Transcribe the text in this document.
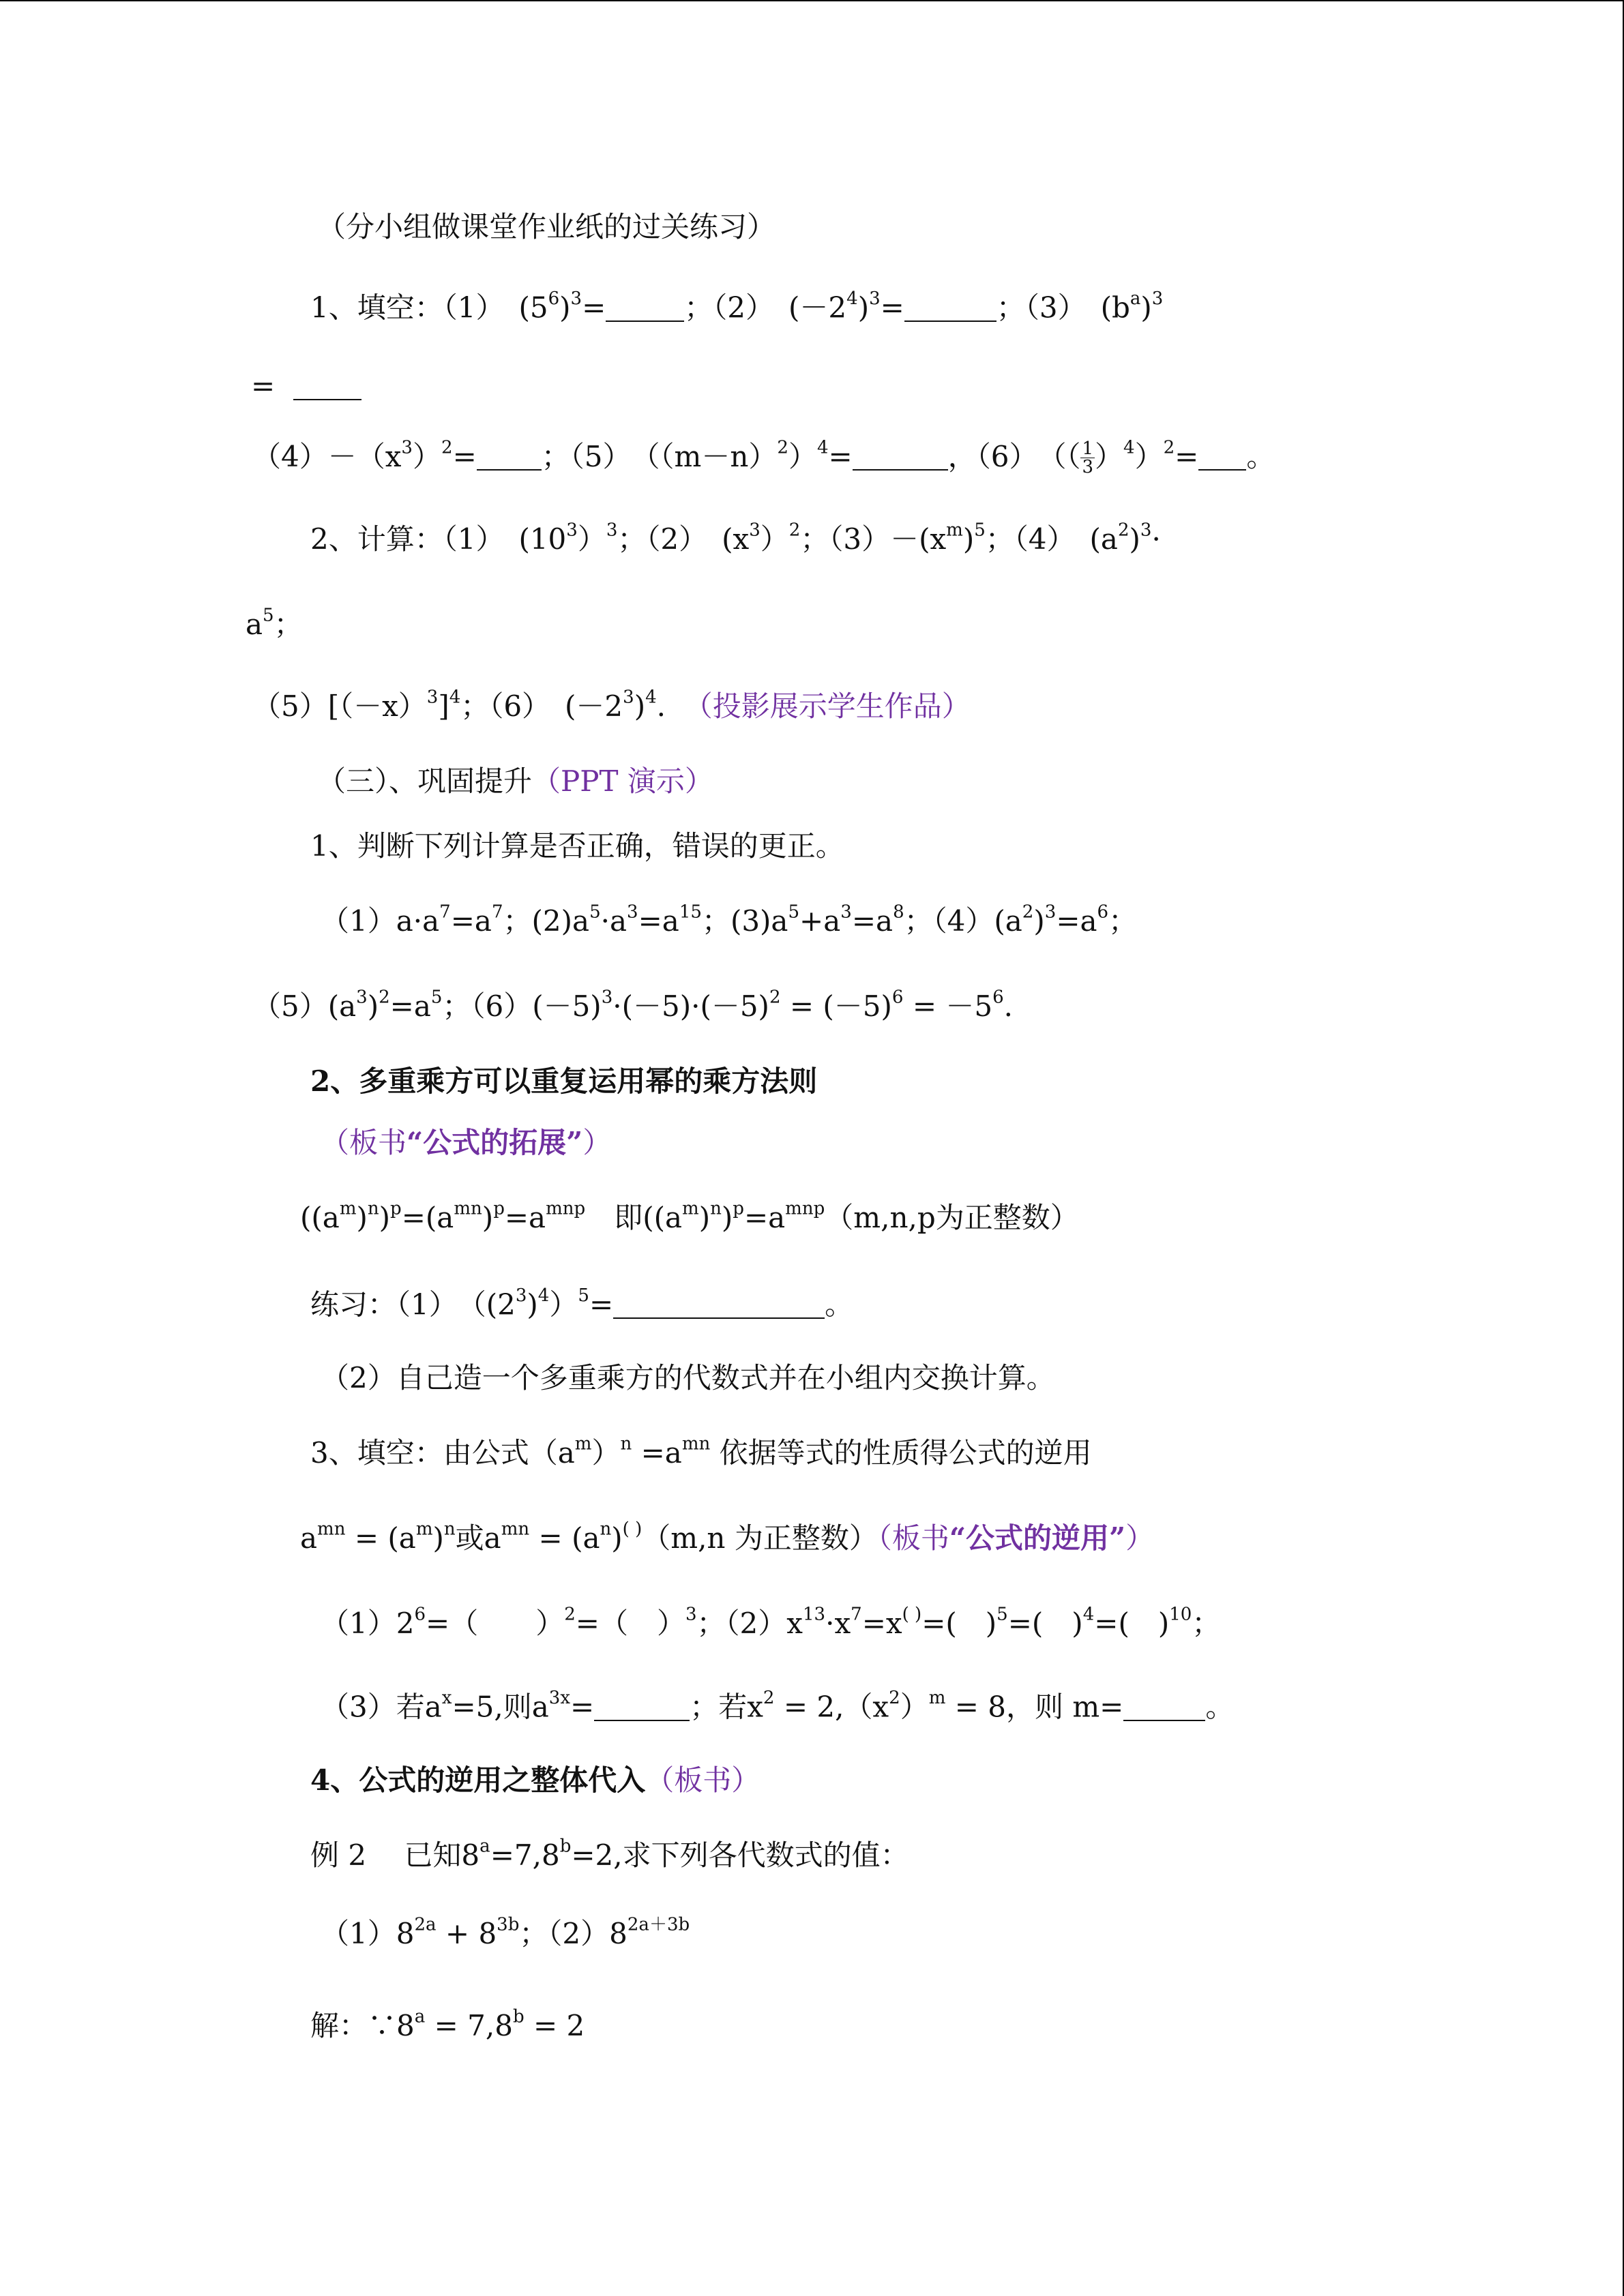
（分小组做课堂作业纸的过关练习）
1、填空：（1）　$(5^6)^3=$	；（2）　$(-2^4)^3=$	；（3）　$(b^a)^3$
=
$(4)-(x^3)^2=$ ；（5）　$((m-n)^2)^4=$	，（6）　（（ $\frac{1}{3} )^4)^2=$ 。
2、计算：（1）　$(10^3)^3$；（2）　$(x^3)^2$；$(3)-(x^m)^5$；（4）　$(a^2)^3\cdot$
$a^5$；
$(5)[(-x)^3]^4$；（6）　$(-2^3)^4$. （投影展示学生作品）
（三）、巩固提升（PPT 演示）
1、判断下列计算是否正确，错误的更正。
$(1)a\cdot a^7=a^7$；$(2)a^5\cdot a^3=a^{15}$；$(3)a^5+a^3=a^8$；$(4)(a^2)^3=a^6$；
$(5)(a^3)^2=a^5$；$(6)(-5)^3\cdot(-5)\cdot(-5)^2 = (-5)^6 = -5^6$.
2、多重乘方可以重复运用幂的乘方法则
（板书“公式的拓展”）
$((a^m)^n)^p=(a^{mn})^p=a^{mnp}$　即$((a^m)^n)^p=a^{mnp}(m,n,p$为正整数）
练习：（1）　$((2^3)^4)^5=$	。
（2）自己造一个多重乘方的代数式并在小组内交换计算。
3、填空：由公式$(a^m)^n =a^{mn}$ 依据等式的性质得公式的逆用
$a^{mn} = (a^m)^n$或$a^{mn} = (a^n)^{( )}(m,n$ 为正整数）（板书“公式的逆用”）
$(1)2^6=$（　　）$^2$=（　）$^3$；$(2)x^{13}\cdot x^7=x^{( )}=$(　)$^5$=(　)$^4$=(　)$^{10}$；
（3）若$a^x=5$,则$a^{3x}=$	；若$x^2 = 2,(x^2)^m = 8$，则 m=	。
4、公式的逆用之整体代入（板书）
例 2　 已知$8^a=7,8^b=2$,求下列各代数式的值：
$(1)8^{2a} + 8^{3b}$；$(2)8^{2a+3b}$
解：$\because 8^a = 7,8^b = 2$
